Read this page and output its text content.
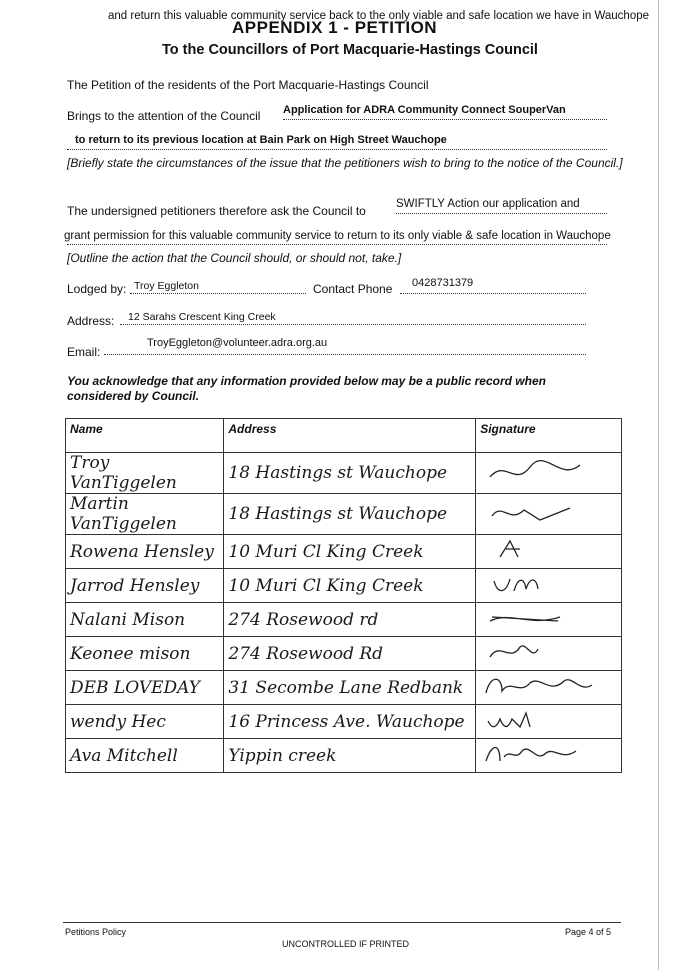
and return this valuable community service back to the only viable and safe location we have in Wauchope
APPENDIX 1 - PETITION
To the Councillors of Port Macquarie-Hastings Council
The Petition of the residents of the Port Macquarie-Hastings Council
Brings to the attention of the Council Application for ADRA Community Connect SouperVan
to return to its previous location at Bain Park on High Street Wauchope
[Briefly state the circumstances of the issue that the petitioners wish to bring to the notice of the Council.]
The undersigned petitioners therefore ask the Council to	SWIFTLY Action our application and
grant permission for this valuable community service to return to its only viable & safe location in Wauchope
[Outline the action that the Council should, or should not, take.]
Lodged by: Troy Eggleton	Contact Phone 0428731379
Address: 12 Sarahs Crescent King Creek
Email:
TroyEggleton@volunteer.adra.org.au
You acknowledge that any information provided below may be a public record when considered by Council.
Name	Address	Signature
Troy VanTiggelen	18 Hastings st Wauchope	
Martin VanTiggelen	18 Hastings st Wauchope	
Rowena Hensley	10 Muri Cl King Creek	
Jarrod Hensley	10 Muri Cl King Creek	
Nalani Mison	274 Rosewood rd	
Keonee mison	274 Rosewood Rd	
DEB LOVEDAY	31 Secombe Lane Redbank	
wendy Hec	16 Princess Ave. Wauchope	
Ava Mitchell	Yippin creek	
Petitions Policy
UNCONTROLLED IF PRINTED
Page 4 of 5
